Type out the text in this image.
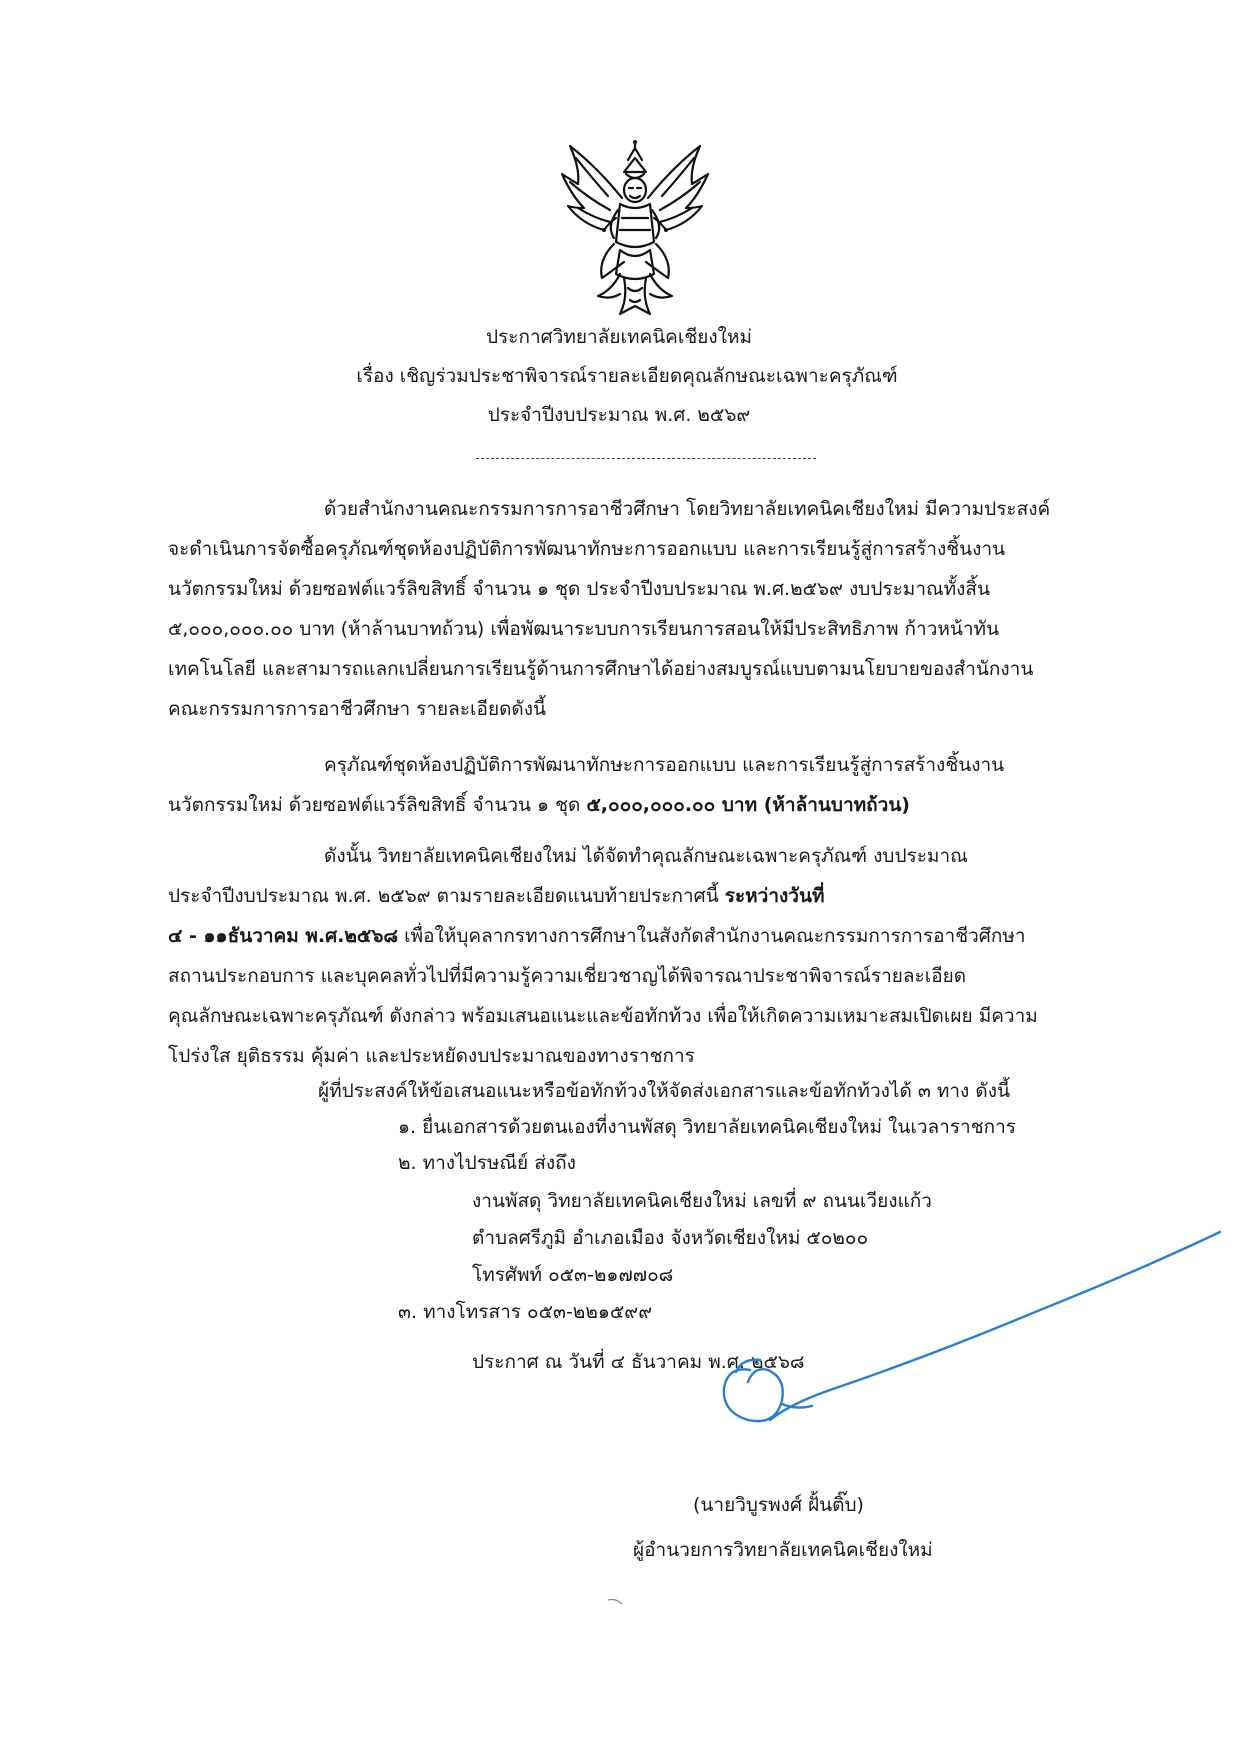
ประกาศวิทยาลัยเทคนิคเชียงใหม่
เรื่อง เชิญร่วมประชาพิจารณ์รายละเอียดคุณลักษณะเฉพาะครุภัณฑ์
ประจำปีงบประมาณ พ.ศ. ๒๕๖๙
ด้วยสำนักงานคณะกรรมการการอาชีวศึกษา โดยวิทยาลัยเทคนิคเชียงใหม่ มีความประสงค์
จะดำเนินการจัดซื้อครุภัณฑ์ชุดห้องปฏิบัติการพัฒนาทักษะการออกแบบ และการเรียนรู้สู่การสร้างชิ้นงาน
นวัตกรรมใหม่ ด้วยซอฟต์แวร์ลิขสิทธิ์ จำนวน ๑ ชุด ประจำปีงบประมาณ พ.ศ.๒๕๖๙ งบประมาณทั้งสิ้น
๕,๐๐๐,๐๐๐.๐๐ บาท (ห้าล้านบาทถ้วน) เพื่อพัฒนาระบบการเรียนการสอนให้มีประสิทธิภาพ ก้าวหน้าทัน
เทคโนโลยี และสามารถแลกเปลี่ยนการเรียนรู้ด้านการศึกษาได้อย่างสมบูรณ์แบบตามนโยบายของสำนักงาน
คณะกรรมการการอาชีวศึกษา รายละเอียดดังนี้
ครุภัณฑ์ชุดห้องปฏิบัติการพัฒนาทักษะการออกแบบ และการเรียนรู้สู่การสร้างชิ้นงาน
นวัตกรรมใหม่ ด้วยซอฟต์แวร์ลิขสิทธิ์ จำนวน ๑ ชุด ๕,๐๐๐,๐๐๐.๐๐ บาท (ห้าล้านบาทถ้วน)
ดังนั้น วิทยาลัยเทคนิคเชียงใหม่ ได้จัดทำคุณลักษณะเฉพาะครุภัณฑ์ งบประมาณ
ประจำปีงบประมาณ พ.ศ. ๒๕๖๙ ตามรายละเอียดแนบท้ายประกาศนี้ ระหว่างวันที่
๔ - ๑๑ธันวาคม พ.ศ.๒๕๖๘ เพื่อให้บุคลากรทางการศึกษาในสังกัดสำนักงานคณะกรรมการการอาชีวศึกษา
สถานประกอบการ และบุคคลทั่วไปที่มีความรู้ความเชี่ยวชาญได้พิจารณาประชาพิจารณ์รายละเอียด
คุณลักษณะเฉพาะครุภัณฑ์ ดังกล่าว พร้อมเสนอแนะและข้อทักท้วง เพื่อให้เกิดความเหมาะสมเปิดเผย มีความ
โปร่งใส ยุติธรรม คุ้มค่า และประหยัดงบประมาณของทางราชการ
ผู้ที่ประสงค์ให้ข้อเสนอแนะหรือข้อทักท้วงให้จัดส่งเอกสารและข้อทักท้วงได้ ๓ ทาง ดังนี้
๑. ยื่นเอกสารด้วยตนเองที่งานพัสดุ วิทยาลัยเทคนิคเชียงใหม่ ในเวลาราชการ
๒. ทางไปรษณีย์ ส่งถึง
งานพัสดุ วิทยาลัยเทคนิคเชียงใหม่ เลขที่ ๙ ถนนเวียงแก้ว
ตำบลศรีภูมิ อำเภอเมือง จังหวัดเชียงใหม่ ๕๐๒๐๐
โทรศัพท์ ๐๕๓-๒๑๗๗๐๘
๓. ทางโทรสาร ๐๕๓-๒๒๑๕๙๙
ประกาศ ณ วันที่ ๔ ธันวาคม พ.ศ. ๒๕๖๘
(นายวิบูรพงศ์ ฝั้นติ๊บ)
ผู้อำนวยการวิทยาลัยเทคนิคเชียงใหม่
